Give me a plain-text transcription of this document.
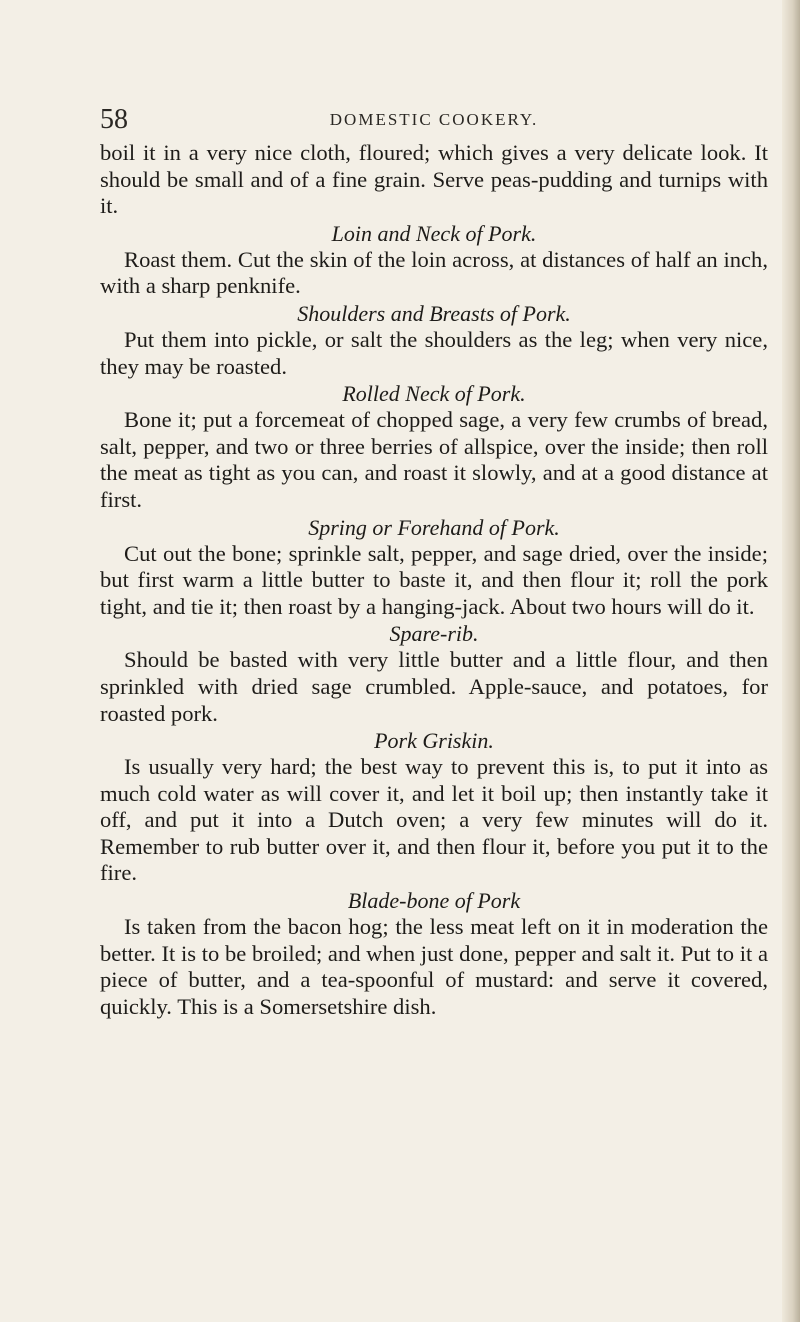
58	DOMESTIC COOKERY.

boil it in a very nice cloth, floured; which gives a very delicate look. It should be small and of a fine grain. Serve peas-pudding and turnips with it.

Loin and Neck of Pork.

Roast them. Cut the skin of the loin across, at distances of half an inch, with a sharp penknife.

Shoulders and Breasts of Pork.

Put them into pickle, or salt the shoulders as the leg; when very nice, they may be roasted.

Rolled Neck of Pork.

Bone it; put a forcemeat of chopped sage, a very few crumbs of bread, salt, pepper, and two or three berries of allspice, over the inside; then roll the meat as tight as you can, and roast it slowly, and at a good distance at first.

Spring or Forehand of Pork.

Cut out the bone; sprinkle salt, pepper, and sage dried, over the inside; but first warm a little butter to baste it, and then flour it; roll the pork tight, and tie it; then roast by a hanging-jack. About two hours will do it.

Spare-rib.

Should be basted with very little butter and a little flour, and then sprinkled with dried sage crumbled. Apple-sauce, and potatoes, for roasted pork.

Pork Griskin.

Is usually very hard; the best way to prevent this is, to put it into as much cold water as will cover it, and let it boil up; then instantly take it off, and put it into a Dutch oven; a very few minutes will do it. Remember to rub butter over it, and then flour it, before you put it to the fire.

Blade-bone of Pork

Is taken from the bacon hog; the less meat left on it in moderation the better. It is to be broiled; and when just done, pepper and salt it. Put to it a piece of butter, and a tea-spoonful of mustard: and serve it covered, quickly. This is a Somersetshire dish.
